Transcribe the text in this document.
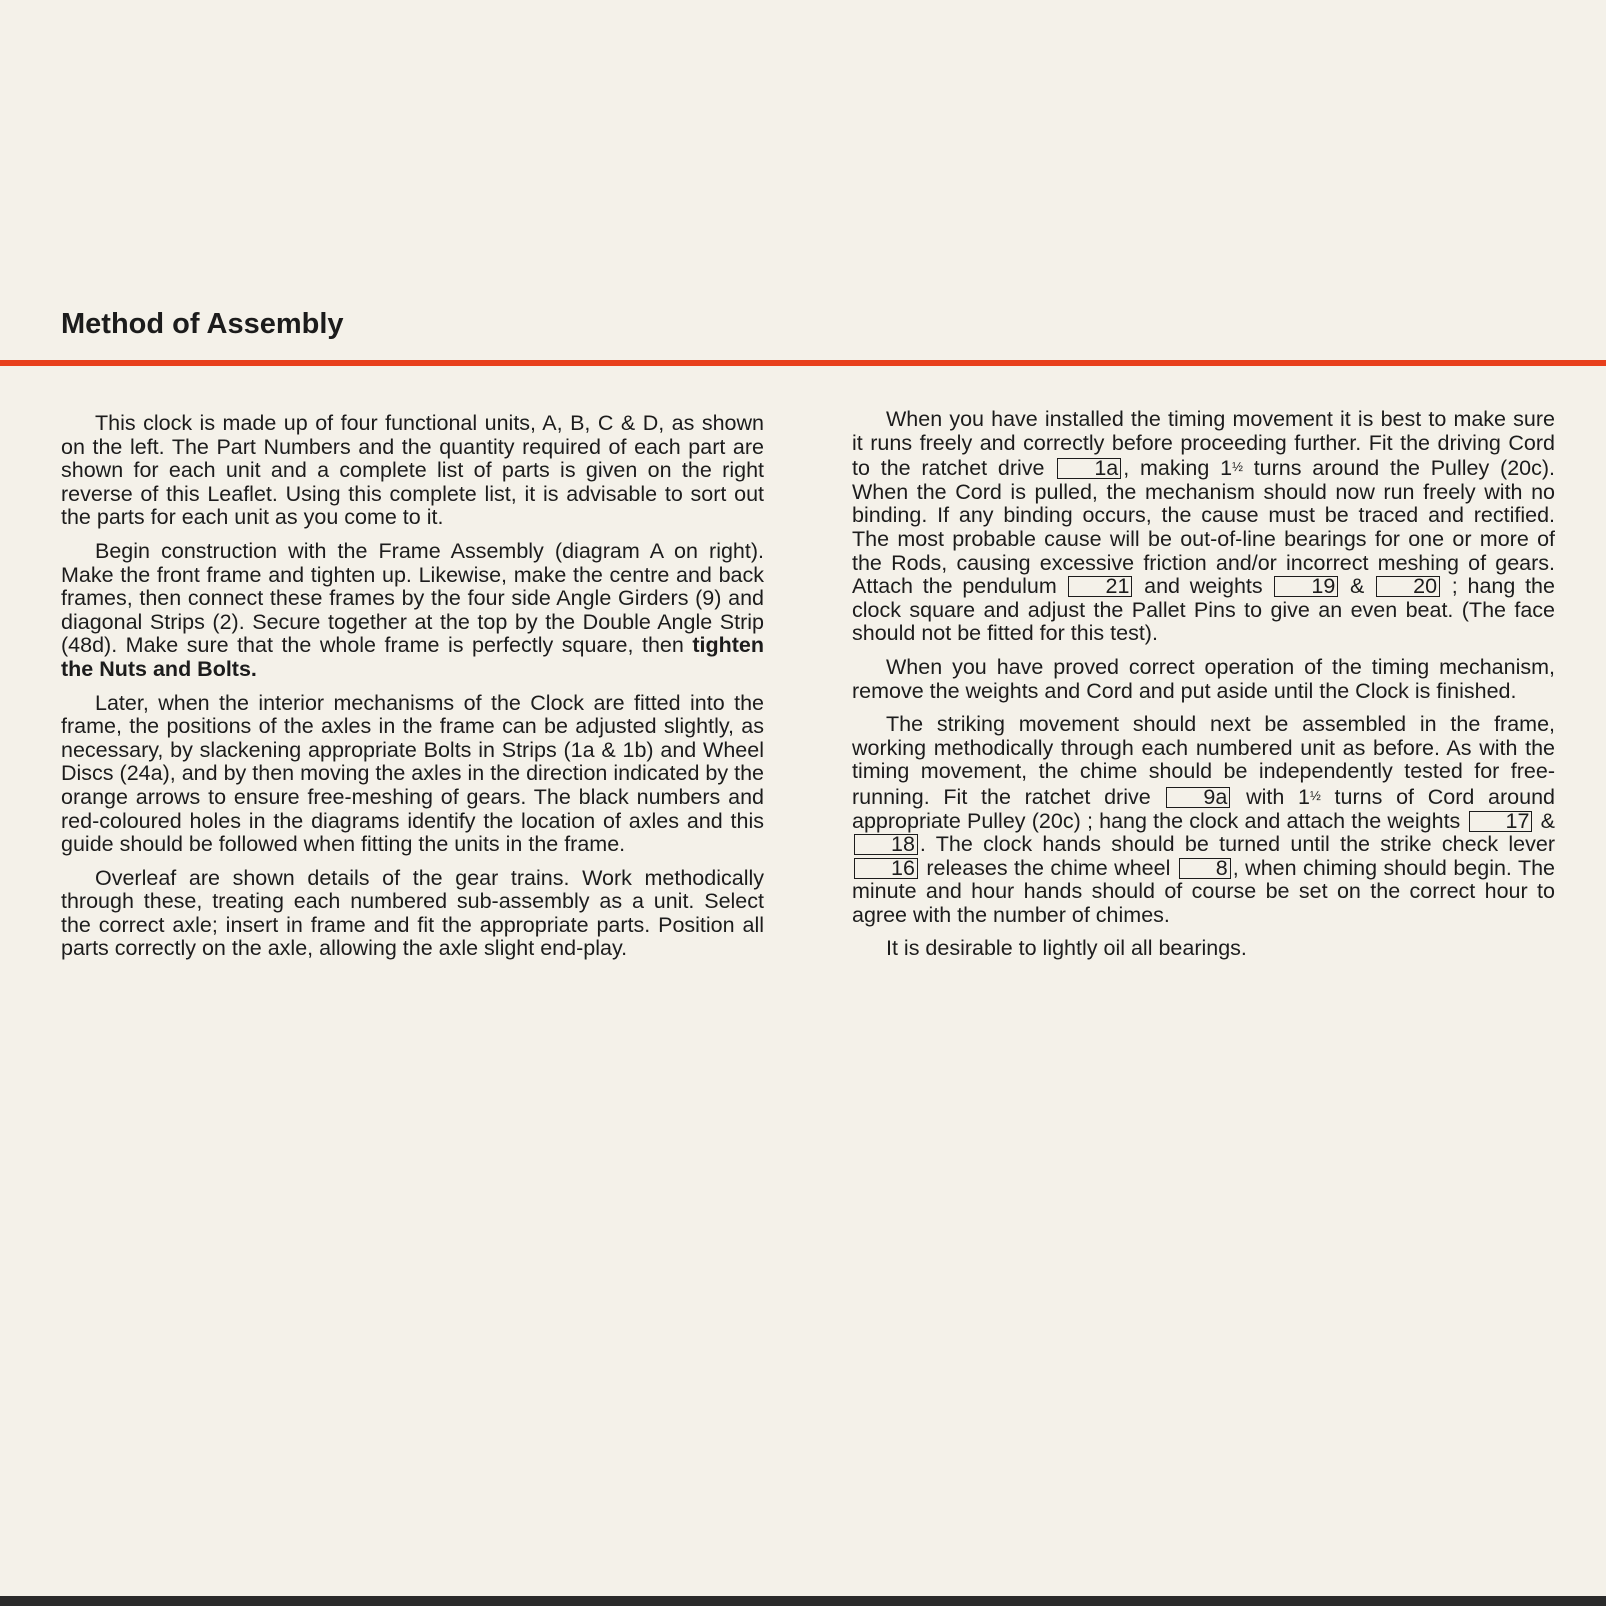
Method of Assembly

This clock is made up of four functional units, A, B, C & D, as shown on the left. The Part Numbers and the quantity required of each part are shown for each unit and a complete list of parts is given on the right reverse of this Leaflet. Using this complete list, it is advisable to sort out the parts for each unit as you come to it.

Begin construction with the Frame Assembly (diagram A on right). Make the front frame and tighten up. Likewise, make the centre and back frames, then connect these frames by the four side Angle Girders (9) and diagonal Strips (2). Secure together at the top by the Double Angle Strip (48d). Make sure that the whole frame is perfectly square, then tighten the Nuts and Bolts.

Later, when the interior mechanisms of the Clock are fitted into the frame, the positions of the axles in the frame can be adjusted slightly, as necessary, by slackening appropriate Bolts in Strips (1a & 1b) and Wheel Discs (24a), and by then moving the axles in the direction indicated by the orange arrows to ensure free-meshing of gears. The black numbers and red-coloured holes in the diagrams identify the location of axles and this guide should be followed when fitting the units in the frame.

Overleaf are shown details of the gear trains. Work methodically through these, treating each numbered sub-assembly as a unit. Select the correct axle; insert in frame and fit the appropriate parts. Position all parts correctly on the axle, allowing the axle slight end-play.

When you have installed the timing movement it is best to make sure it runs freely and correctly before proceeding further. Fit the driving Cord to the ratchet drive 1a , making 1½ turns around the Pulley (20c). When the Cord is pulled, the mechanism should now run freely with no binding. If any binding occurs, the cause must be traced and rectified. The most probable cause will be out-of-line bearings for one or more of the Rods, causing excessive friction and/or incorrect meshing of gears. Attach the pendulum 21 and weights 19 & 20 ; hang the clock square and adjust the Pallet Pins to give an even beat. (The face should not be fitted for this test).

When you have proved correct operation of the timing mechanism, remove the weights and Cord and put aside until the Clock is finished.

The striking movement should next be assembled in the frame, working methodically through each numbered unit as before. As with the timing movement, the chime should be independently tested for free-running. Fit the ratchet drive 9a with 1½ turns of Cord around appropriate Pulley (20c) ; hang the clock and attach the weights 17 & 18 . The clock hands should be turned until the strike check lever 16 releases the chime wheel 8 , when chiming should begin. The minute and hour hands should of course be set on the correct hour to agree with the number of chimes.

It is desirable to lightly oil all bearings.
